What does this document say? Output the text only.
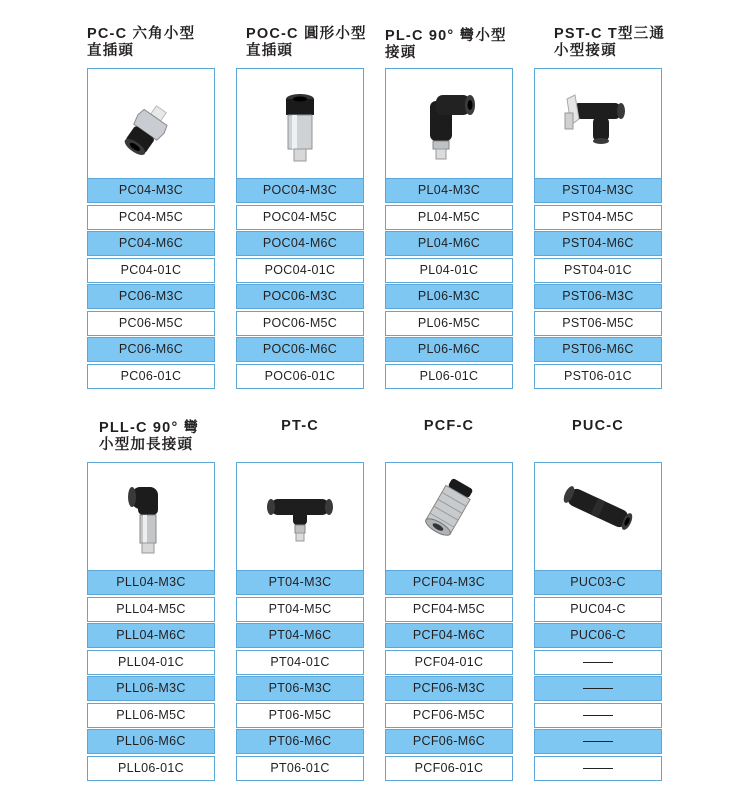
PC-C 六角小型
直插頭
PC04-M3C
PC04-M5C
PC04-M6C
PC04-01C
PC06-M3C
PC06-M5C
PC06-M6C
PC06-01C
POC-C 圓形小型
直插頭
POC04-M3C
POC04-M5C
POC04-M6C
POC04-01C
POC06-M3C
POC06-M5C
POC06-M6C
POC06-01C
PL-C 90° 彎小型
接頭
PL04-M3C
PL04-M5C
PL04-M6C
PL04-01C
PL06-M3C
PL06-M5C
PL06-M6C
PL06-01C
PST-C T型三通
小型接頭
PST04-M3C
PST04-M5C
PST04-M6C
PST04-01C
PST06-M3C
PST06-M5C
PST06-M6C
PST06-01C
PLL-C 90° 彎
小型加長接頭
PLL04-M3C
PLL04-M5C
PLL04-M6C
PLL04-01C
PLL06-M3C
PLL06-M5C
PLL06-M6C
PLL06-01C
PT-C
PT04-M3C
PT04-M5C
PT04-M6C
PT04-01C
PT06-M3C
PT06-M5C
PT06-M6C
PT06-01C
PCF-C
PCF04-M3C
PCF04-M5C
PCF04-M6C
PCF04-01C
PCF06-M3C
PCF06-M5C
PCF06-M6C
PCF06-01C
PUC-C
PUC03-C
PUC04-C
PUC06-C
